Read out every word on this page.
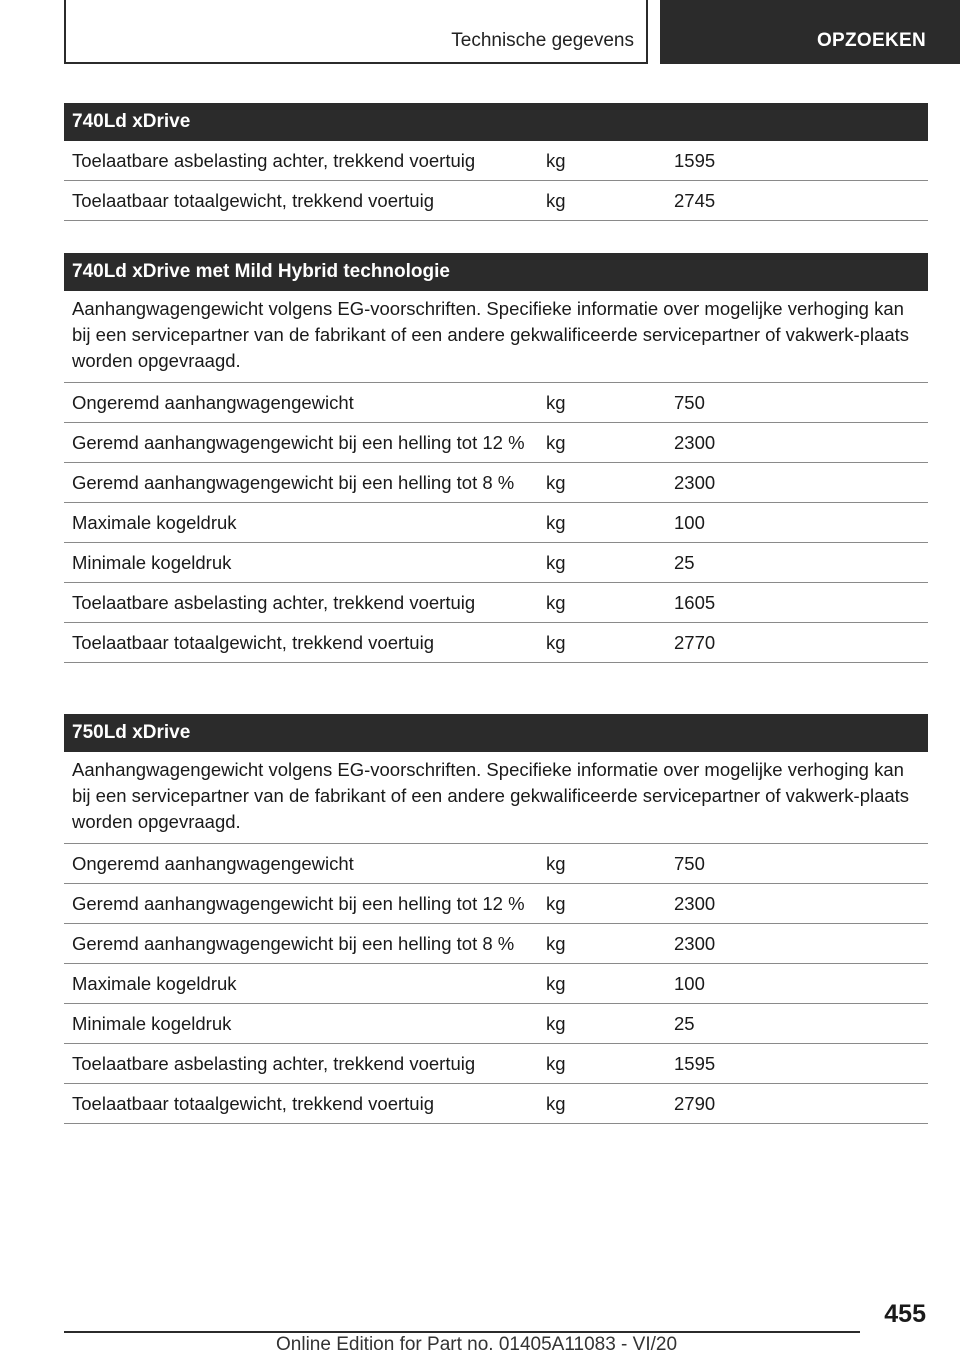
Technische gegevens	OPZOEKEN
740Ld xDrive
Toelaatbare asbelasting achter, trekkend voertuig	kg	1595
Toelaatbaar totaalgewicht, trekkend voertuig	kg	2745
740Ld xDrive met Mild Hybrid technologie
Aanhangwagengewicht volgens EG-voorschriften. Specifieke informatie over mogelijke verhoging kan bij een servicepartner van de fabrikant of een andere gekwalificeerde servicepartner of vakwerk-plaats worden opgevraagd.
Ongeremd aanhangwagengewicht	kg	750
Geremd aanhangwagengewicht bij een helling tot 12 %	kg	2300
Geremd aanhangwagengewicht bij een helling tot 8 %	kg	2300
Maximale kogeldruk	kg	100
Minimale kogeldruk	kg	25
Toelaatbare asbelasting achter, trekkend voertuig	kg	1605
Toelaatbaar totaalgewicht, trekkend voertuig	kg	2770
750Ld xDrive
Aanhangwagengewicht volgens EG-voorschriften. Specifieke informatie over mogelijke verhoging kan bij een servicepartner van de fabrikant of een andere gekwalificeerde servicepartner of vakwerk-plaats worden opgevraagd.
Ongeremd aanhangwagengewicht	kg	750
Geremd aanhangwagengewicht bij een helling tot 12 %	kg	2300
Geremd aanhangwagengewicht bij een helling tot 8 %	kg	2300
Maximale kogeldruk	kg	100
Minimale kogeldruk	kg	25
Toelaatbare asbelasting achter, trekkend voertuig	kg	1595
Toelaatbaar totaalgewicht, trekkend voertuig	kg	2790
455
Online Edition for Part no. 01405A11083 - VI/20
